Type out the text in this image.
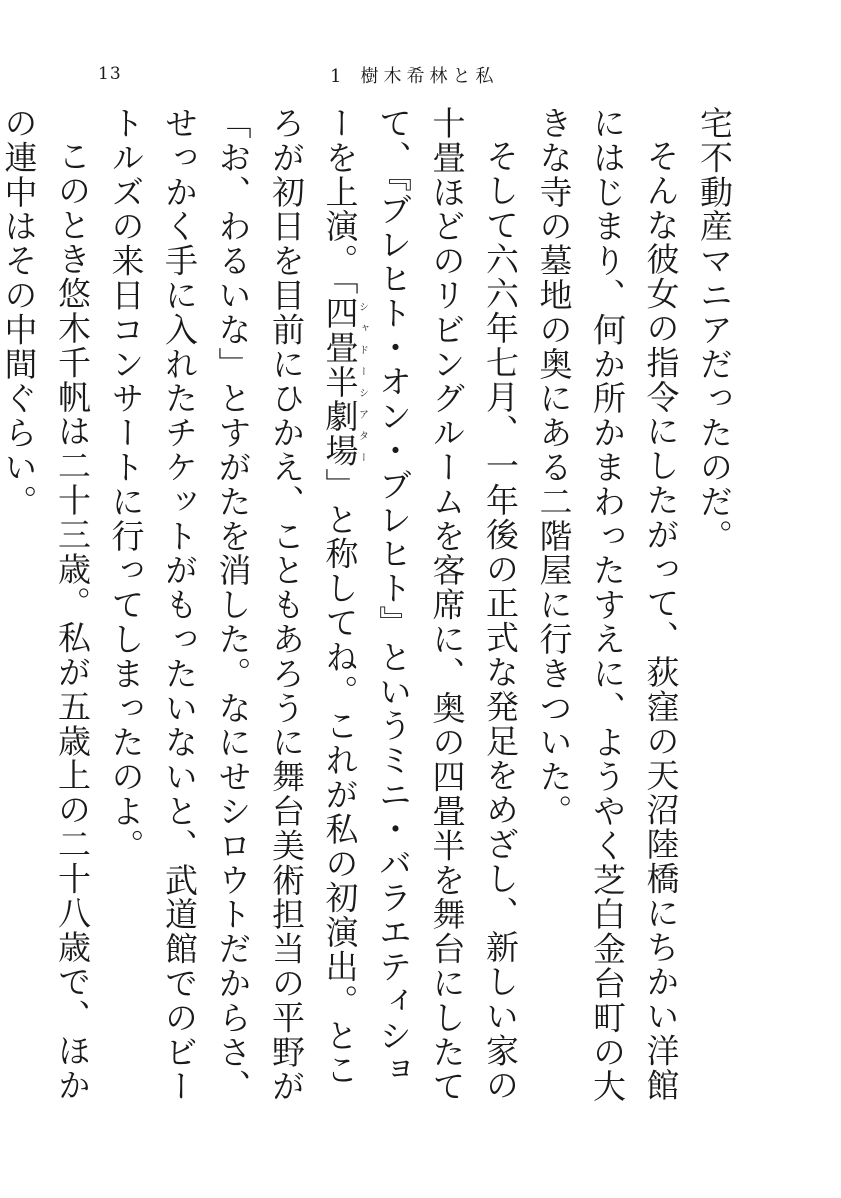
13	1 樹木希林と私

宅不動産マニアだったのだ。

そんな彼女の指令にしたがって、荻窪の天沼陸橋にちかい洋館にはじまり、何か所かまわったすえに、ようやく芝白金台町の大きな寺の墓地の奥にある二階屋に行きついた。

そして六六年七月、一年後の正式な発足をめざし、新しい家の十畳ほどのリビングルームを客席に、奥の四畳半を舞台にしたてて、『ブレヒト・オン・ブレヒト』というミニ・バラエティショーを上演。「四畳半劇場シャドーシアター」と称してね。これが私の初演出。ところが初日を目前にひかえ、こともあろうに舞台美術担当の平野が「お、わるいな」とすがたを消した。なにせシロウトだからさ、せっかく手に入れたチケットがもったいないと、武道館でのビートルズの来日コンサートに行ってしまったのよ。

このとき悠木千帆は二十三歳。私が五歳上の二十八歳で、ほかの連中はその中間ぐらい。
